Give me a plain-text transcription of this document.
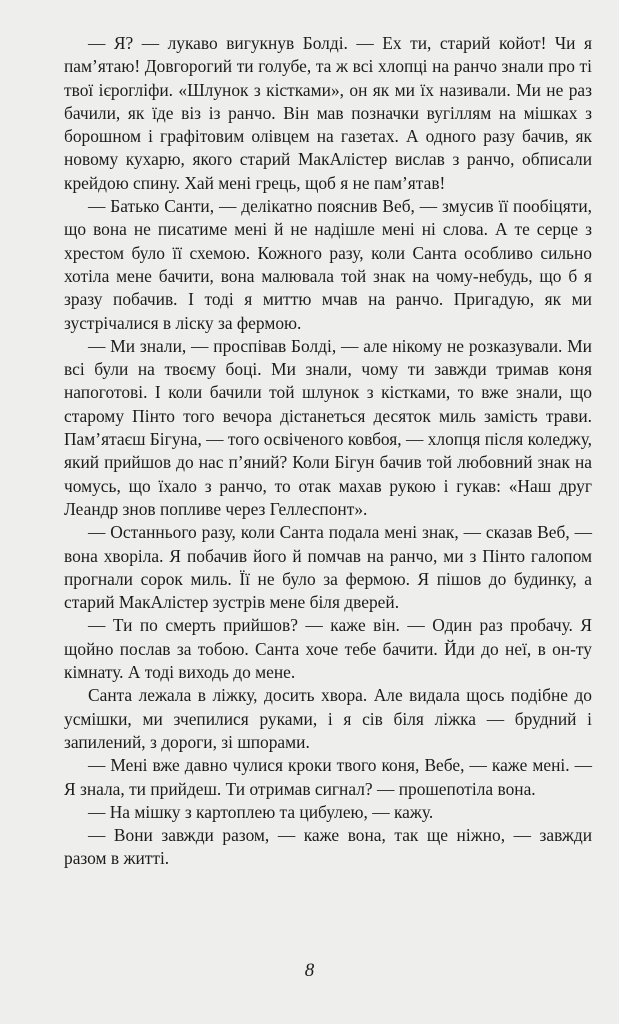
— Я? — лукаво вигукнув Болді. — Ех ти, старий койот! Чи я пам’ятаю! Довгорогий ти голубе, та ж всі хлопці на ранчо знали про ті твої ієрогліфи. «Шлунок з кістками», он як ми їх називали. Ми не раз бачили, як їде віз із ранчо. Він мав позначки вугіллям на мішках з борошном і графітовим олівцем на газетах. А одного разу бачив, як новому кухарю, якого старий МакАлістер вислав з ранчо, обписали крейдою спину. Хай мені грець, щоб я не пам’ятав!

— Батько Санти, — делікатно пояснив Веб, — змусив її пообіцяти, що вона не писатиме мені й не надішле мені ні слова. А те серце з хрестом було її схемою. Кожного разу, коли Санта особливо сильно хотіла мене бачити, вона малювала той знак на чому-небудь, що б я зразу побачив. І тоді я миттю мчав на ранчо. Пригадую, як ми зустрічалися в ліску за фермою.

— Ми знали, — проспівав Болді, — але нікому не розказували. Ми всі були на твоєму боці. Ми знали, чому ти завжди тримав коня напоготові. І коли бачили той шлунок з кістками, то вже знали, що старому Пінто того вечора дістанеться десяток миль замість трави. Пам’ятаєш Бігуна, — того освіченого ковбоя, — хлопця після коледжу, який прийшов до нас п’яний? Коли Бігун бачив той любовний знак на чомусь, що їхало з ранчо, то отак махав рукою і гукав: «Наш друг Леандр знов попливе через Геллеспонт».

— Останнього разу, коли Санта подала мені знак, — сказав Веб, — вона хворіла. Я побачив його й помчав на ранчо, ми з Пінто галопом прогнали сорок миль. Її не було за фермою. Я пішов до будинку, а старий МакАлістер зустрів мене біля дверей.

— Ти по смерть прийшов? — каже він. — Один раз пробачу. Я щойно послав за тобою. Санта хоче тебе бачити. Йди до неї, в он-ту кімнату. А тоді виходь до мене.

Санта лежала в ліжку, досить хвора. Але видала щось подібне до усмішки, ми зчепилися руками, і я сів біля ліжка — брудний і запилений, з дороги, зі шпорами.

— Мені вже давно чулися кроки твого коня, Вебе, — каже мені. — Я знала, ти прийдеш. Ти отримав сигнал? — прошепотіла вона.

— На мішку з картоплею та цибулею, — кажу.

— Вони завжди разом, — каже вона, так ще ніжно, — завжди разом в житті.

8
